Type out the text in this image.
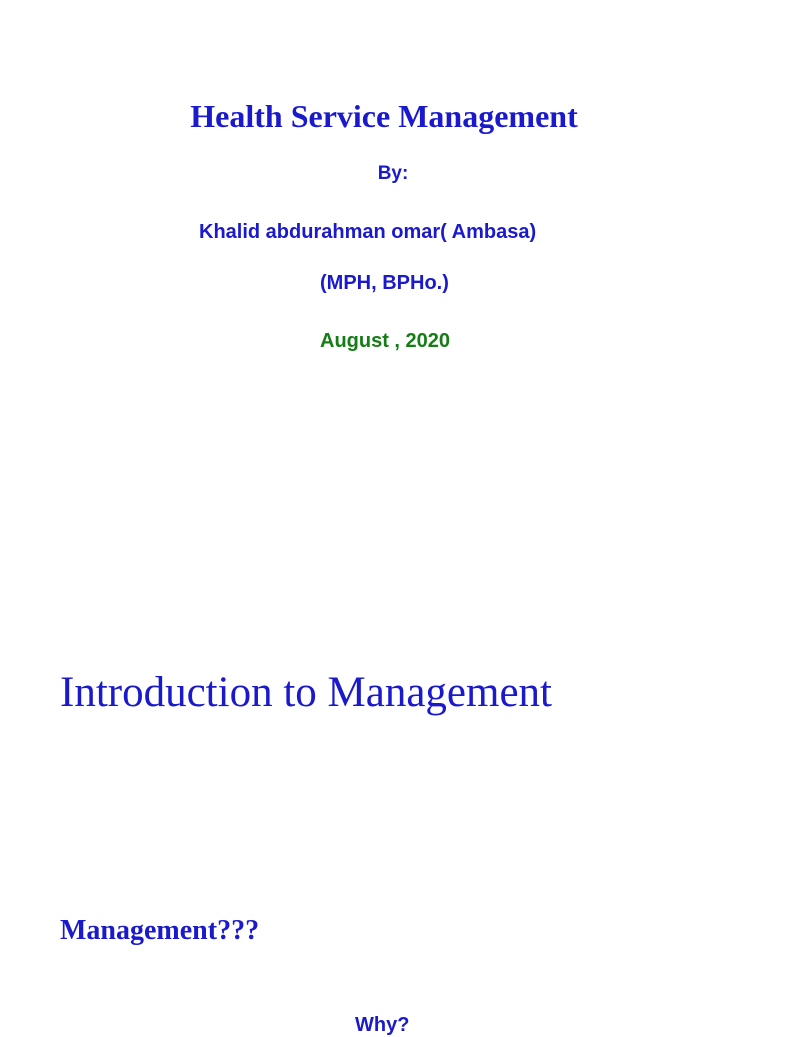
Health Service Management

By:

Khalid abdurahman omar( Ambasa)

(MPH, BPHo.)

August , 2020

Introduction to Management
Management???

Why?
